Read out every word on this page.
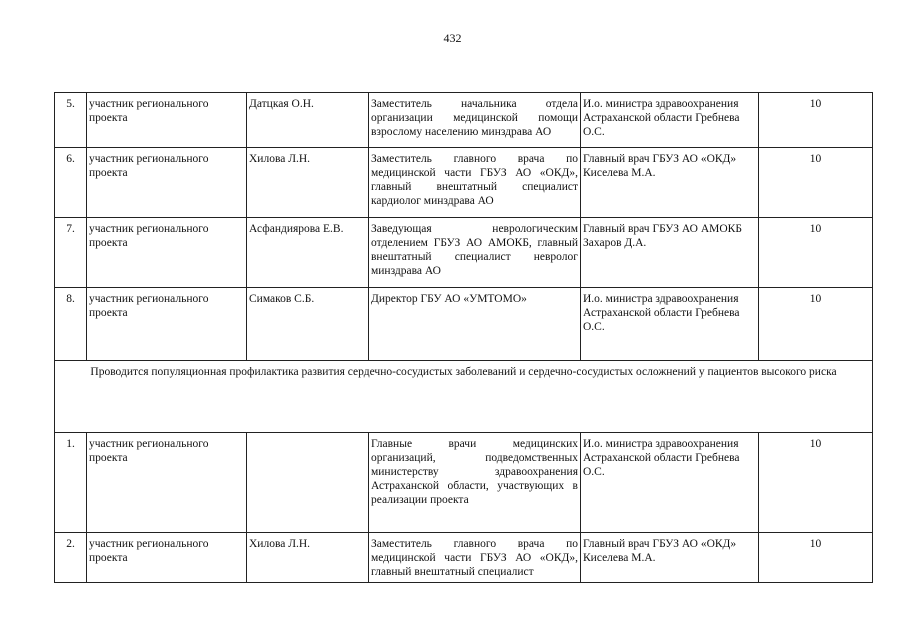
432
5.	участник регионального проекта	Датцкая О.Н.	Заместитель начальника отдела организации медицинской помощи взрослому населению минздрава АО	И.о. министра здравоохранения Астраханской области Гребнева О.С.	10
6.	участник регионального проекта	Хилова Л.Н.	Заместитель главного врача по медицинской части ГБУЗ АО «ОКД», главный внештатный специалист кардиолог минздрава АО	Главный врач ГБУЗ АО «ОКД» Киселева М.А.	10
7.	участник регионального проекта	Асфандиярова Е.В.	Заведующая неврологическим отделением ГБУЗ АО АМОКБ, главный внештатный специалист невролог минздрава АО	Главный врач ГБУЗ АО АМОКБ Захаров Д.А.	10
8.	участник регионального проекта	Симаков С.Б.	Директор ГБУ АО «УМТОМО»	И.о. министра здравоохранения Астраханской области Гребнева О.С.	10
Проводится популяционная профилактика развития сердечно-сосудистых заболеваний и сердечно-сосудистых осложнений у пациентов высокого риска					
1.	участник регионального проекта		Главные врачи медицинских организаций, подведомственных министерству здравоохранения Астраханской области, участвующих в реализации проекта	И.о. министра здравоохранения Астраханской области Гребнева О.С.	10
2.	участник регионального проекта	Хилова Л.Н.	Заместитель главного врача по медицинской части ГБУЗ АО «ОКД», главный внештатный специалист	Главный врач ГБУЗ АО «ОКД» Киселева М.А.	10
